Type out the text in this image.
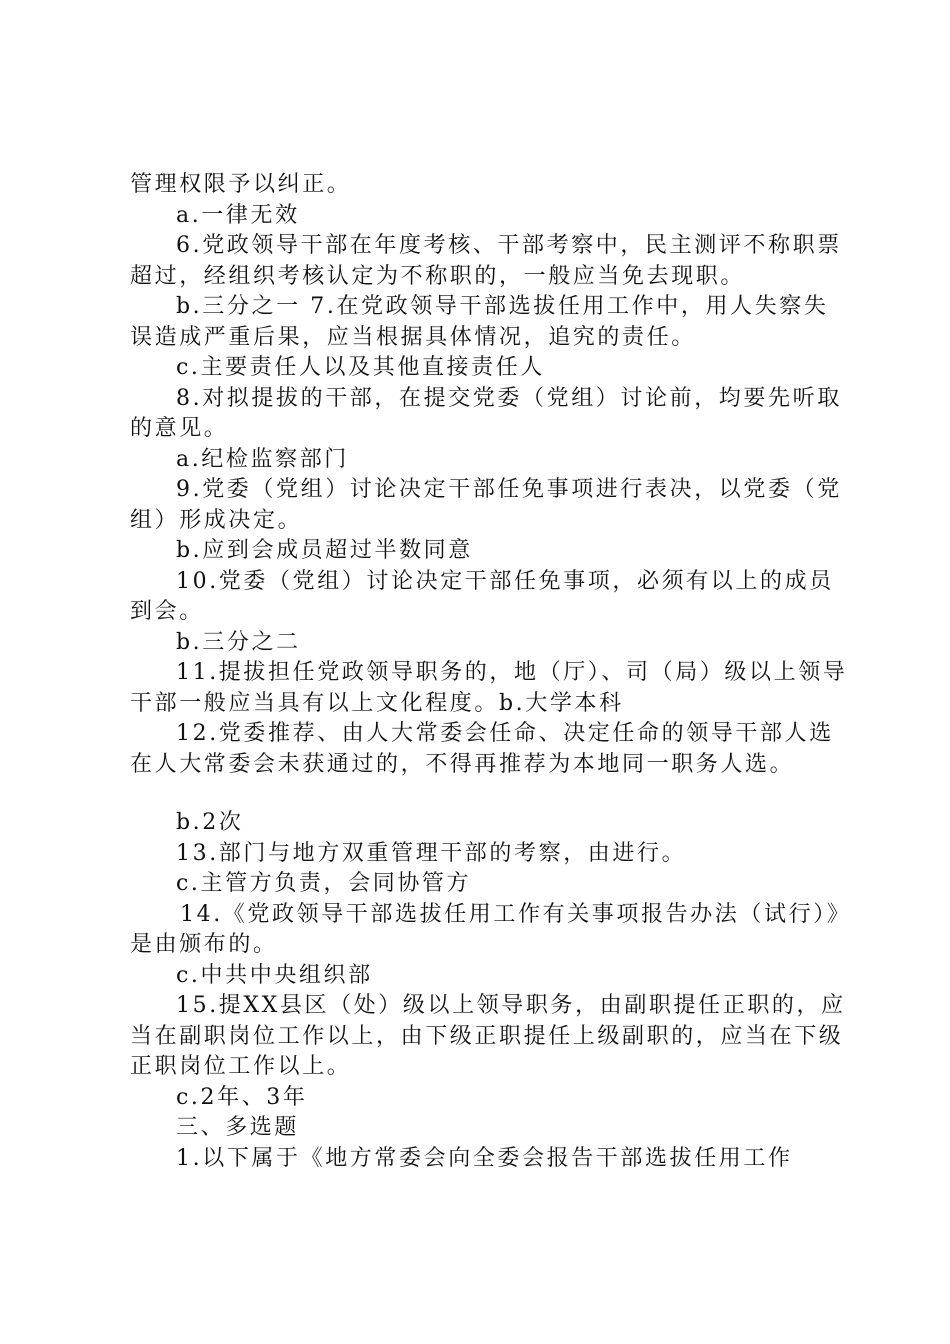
管理权限予以纠正。

a.一律无效

6.党政领导干部在年度考核、干部考察中，民主测评不称职票超过，经组织考核认定为不称职的，一般应当免去现职。

b.三分之一 7.在党政领导干部选拔任用工作中，用人失察失误造成严重后果，应当根据具体情况，追究的责任。

c.主要责任人以及其他直接责任人

8.对拟提拔的干部，在提交党委（党组）讨论前，均要先听取的意见。

a.纪检监察部门

9.党委（党组）讨论决定干部任免事项进行表决，以党委（党组）形成决定。

b.应到会成员超过半数同意

10.党委（党组）讨论决定干部任免事项，必须有以上的成员到会。

b.三分之二

11.提拔担任党政领导职务的，地（厅）、司（局）级以上领导干部一般应当具有以上文化程度。b.大学本科

12.党委推荐、由人大常委会任命、决定任命的领导干部人选在人大常委会未获通过的，不得再推荐为本地同一职务人选。

b.2次

13.部门与地方双重管理干部的考察，由进行。

c.主管方负责，会同协管方

14.《党政领导干部选拔任用工作有关事项报告办法（试行）》是由颁布的。

c.中共中央组织部

15.提XX县区（处）级以上领导职务，由副职提任正职的，应当在副职岗位工作以上，由下级正职提任上级副职的，应当在下级正职岗位工作以上。

c.2年、3年

三、多选题

1.以下属于《地方常委会向全委会报告干部选拔任用工作
